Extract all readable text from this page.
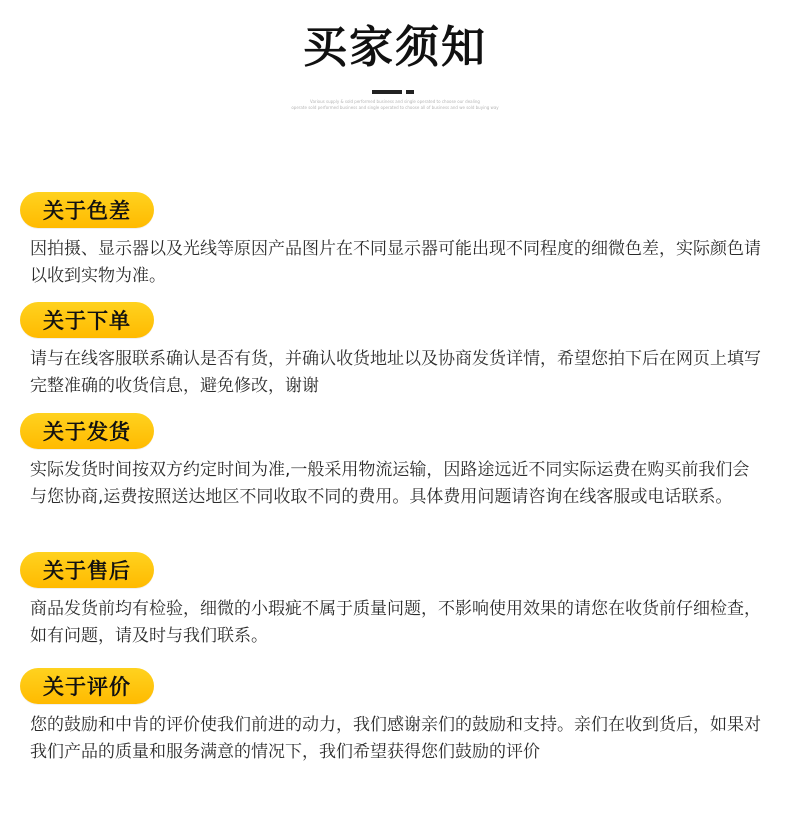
买家须知
Various supply & sold performed business and single operated to choose our dealing
operate sold performed business and single operated to choose all of business and we sold buying way
关于色差
因拍摄、显示器以及光线等原因产品图片在不同显示器可能出现不同程度的细微色差，实际颜色请以收到实物为准。
关于下单
请与在线客服联系确认是否有货，并确认收货地址以及协商发货详情，希望您拍下后在网页上填写完整准确的收货信息，避免修改，谢谢
关于发货
实际发货时间按双方约定时间为准,一般采用物流运输，因路途远近不同实际运费在购买前我们会与您协商,运费按照送达地区不同收取不同的费用。具体费用问题请咨询在线客服或电话联系。
关于售后
商品发货前均有检验，细微的小瑕疵不属于质量问题，不影响使用效果的请您在收货前仔细检查，如有问题，请及时与我们联系。
关于评价
您的鼓励和中肯的评价使我们前进的动力，我们感谢亲们的鼓励和支持。亲们在收到货后，如果对我们产品的质量和服务满意的情况下，我们希望获得您们鼓励的评价
